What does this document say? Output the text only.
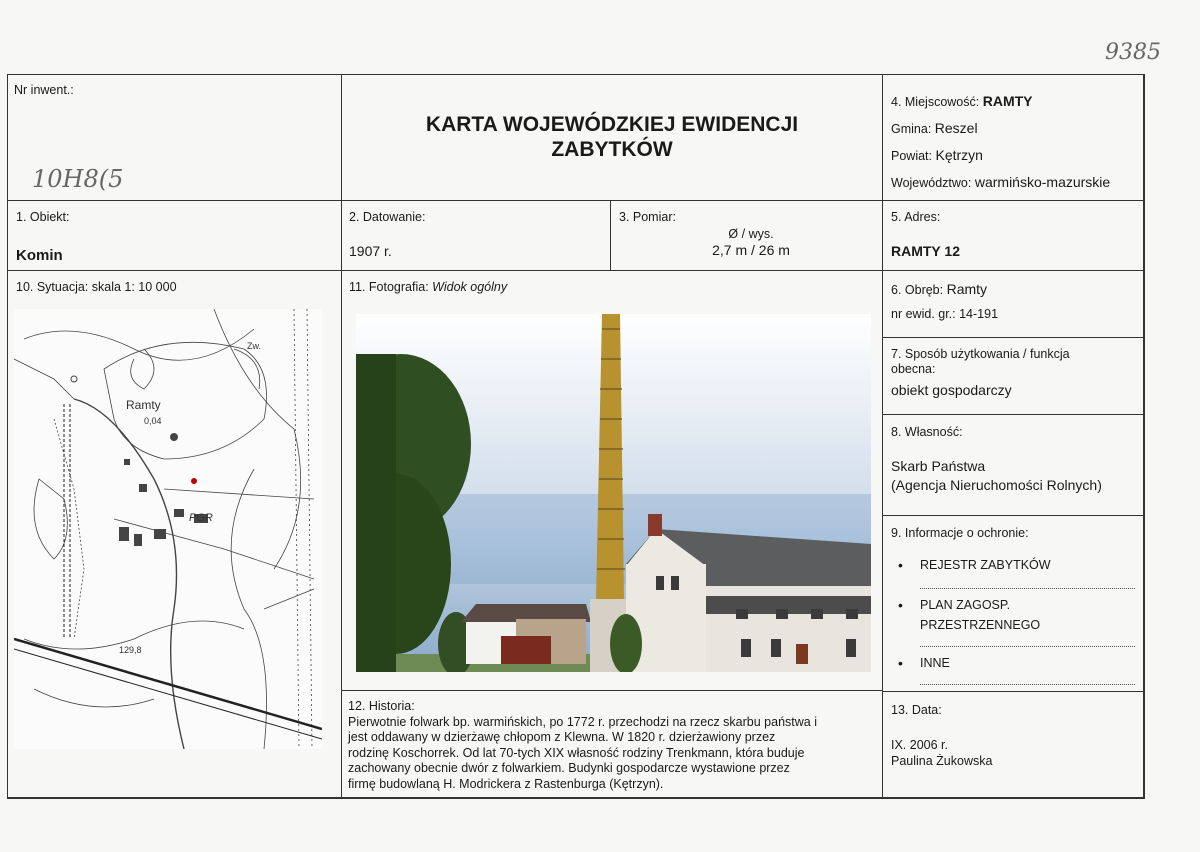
9385
Nr inwent.:
10H8(5
KARTA WOJEWÓDZKIEJ EWIDENCJI
ZABYTKÓW
4. Miejscowość: RAMTY
Gmina: Reszel
Powiat: Kętrzyn
Województwo: warmińsko-mazurskie
1. Obiekt:
Komin
2. Datowanie:
1907 r.
3. Pomiar:
Ø / wys.
2,7 m / 26 m
5. Adres:
RAMTY 12
10. Sytuacja: skala 1: 10 000
Ramty
0,04
PGR
129,8
Zw.
11. Fotografia: Widok ogólny
12. Historia:
Pierwotnie folwark bp. warmińskich, po 1772 r. przechodzi na rzecz skarbu państwa i
jest oddawany w dzierżawę chłopom z Klewna. W 1820 r. dzierżawiony przez
rodzinę Koschorrek. Od lat 70-tych XIX własność rodziny Trenkmann, która buduje
zachowany obecnie dwór z folwarkiem. Budynki gospodarcze wystawione przez
firmę budowlaną H. Modrickera z Rastenburga (Kętrzyn).
6. Obręb: Ramty
nr ewid. gr.: 14-191
7. Sposób użytkowania / funkcja
obecna:
obiekt gospodarczy
8. Własność:
Skarb Państwa
(Agencja Nieruchomości Rolnych)
9. Informacje o ochronie:
• REJESTR ZABYTKÓW
• PLAN ZAGOSP.
PRZESTRZENNEGO
• INNE
13. Data:
IX. 2006 r.
Paulina Żukowska
